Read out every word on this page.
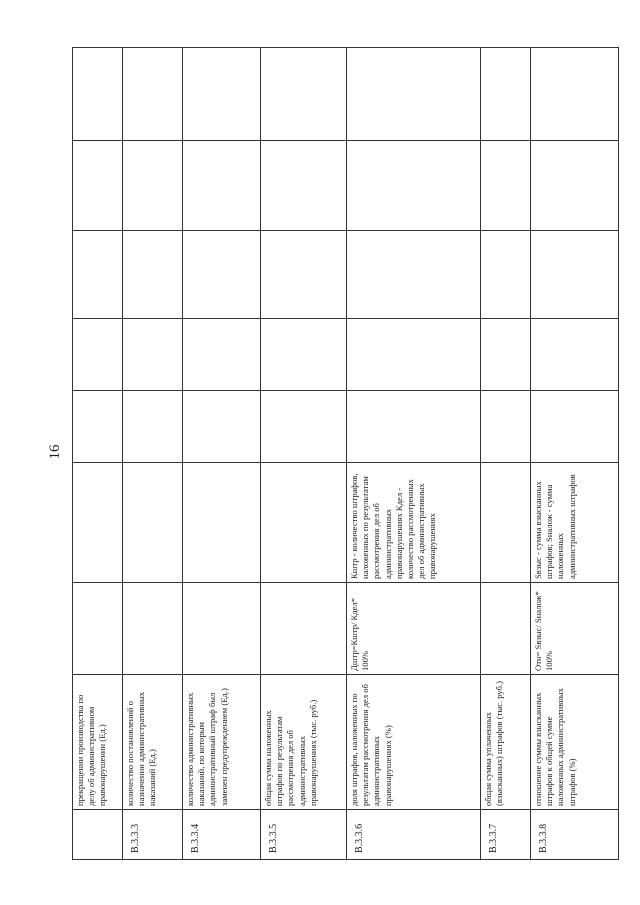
16
	прекращении производства по делу об административном правонарушении (Ед.)							
В.3.3.3	количество постановлений о назначении административных наказаний (Ед.)							
В.3.3.4	количество административных наказаний, по которым административный штраф был заменен предупреждением (Ед.)							
В.3.3.5	общая сумма наложенных штрафов по результатам рассмотрения дел об административных правонарушениях (тыс. руб.)							
В.3.3.6	доля штрафов, наложенных по результатам рассмотрения дел об административных правонарушениях (%)	Дштр=Кштр/ Кдел* 100%	Кштр - количество штрафов, наложенных по результатам рассмотрения дел об административных правонарушениях Кдел - количество рассмотренных дел об административных правонарушениях					
В.3.3.7	общая сумма уплаченных (взысканных) штрафов (тыс. руб.)							
В.3.3.8	отношение суммы взысканных штрафов к общей сумме наложенных административных штрафов (%)	Отн= Sвзыс/ Sналож* 100%	Sвзыс - сумма взысканных штрафов; Sналож - сумма наложенных административных штрафов					
